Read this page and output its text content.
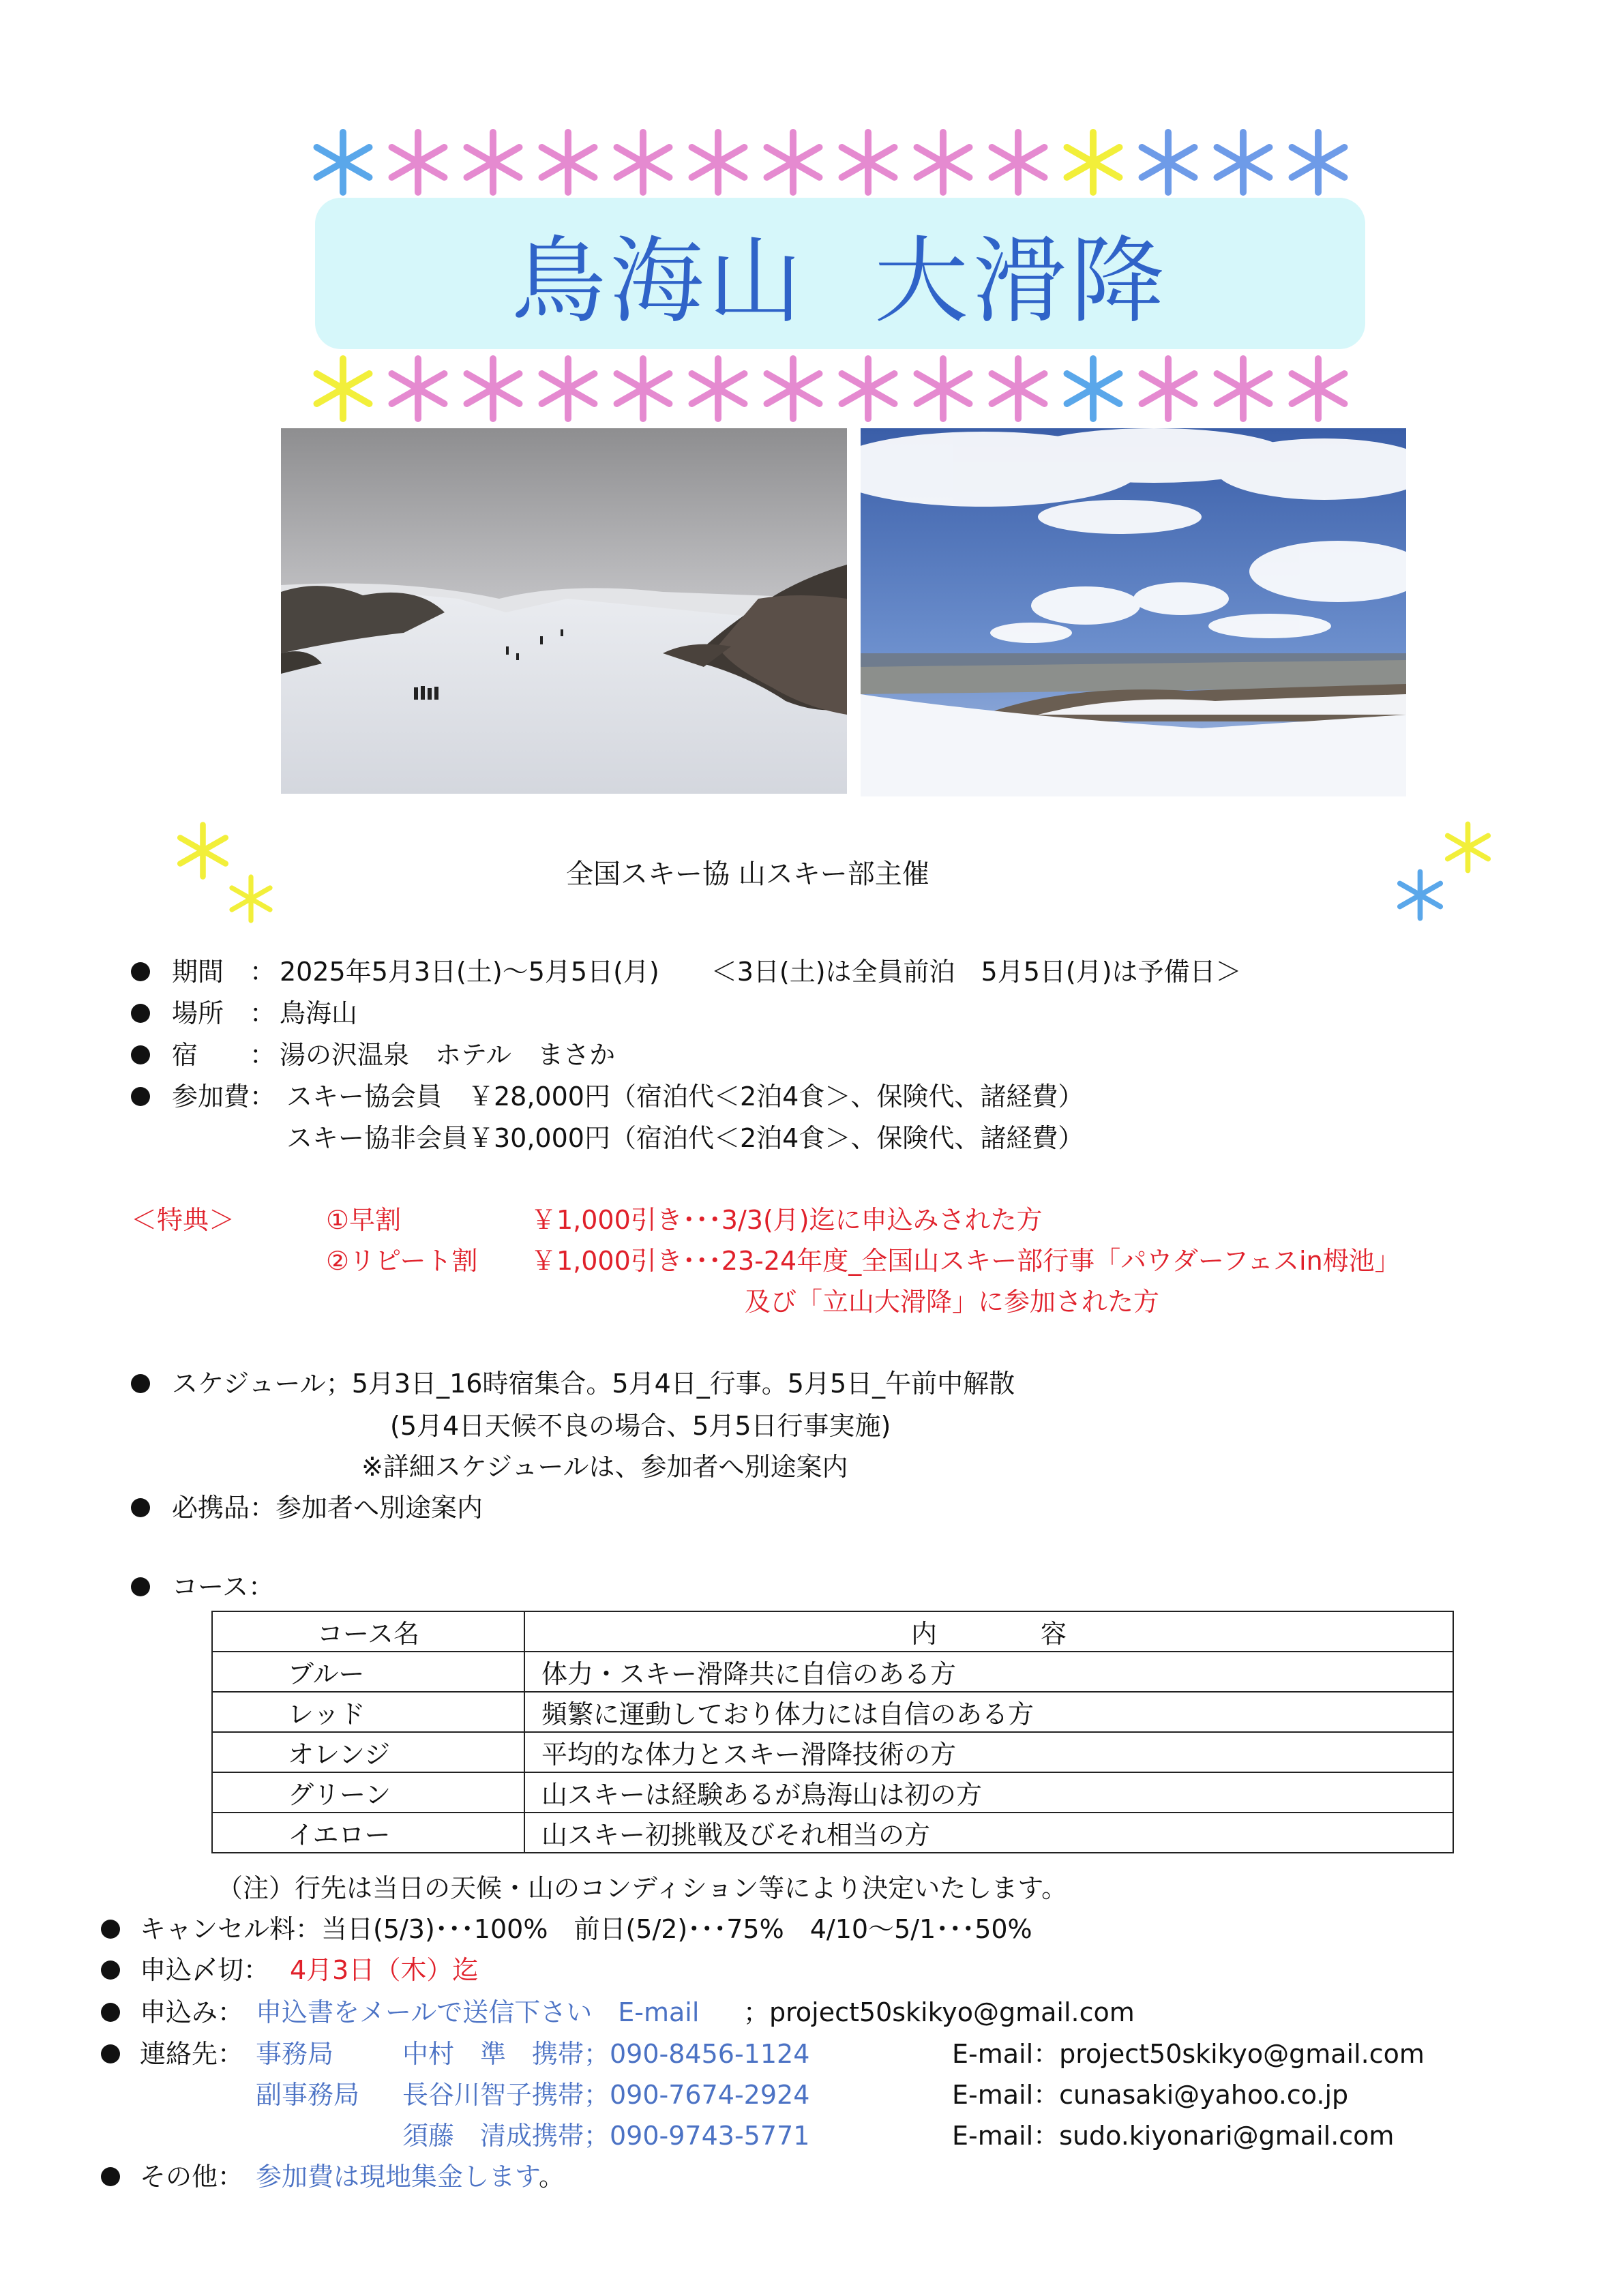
鳥海山  大滑降
全国スキー協 山スキー部主催
期間　： 2025年5月3日(土)〜5月5日(月)　　＜3日(土)は全員前泊　5月5日(月)は予備日＞
場所　： 鳥海山
宿　　： 湯の沢温泉　ホテル　まさか
参加費： スキー協会員　￥28,000円（宿泊代＜2泊4食＞、保険代、諸経費）
スキー協非会員￥30,000円（宿泊代＜2泊4食＞、保険代、諸経費）
＜特典＞	①早割	￥1,000引き･･･3/3(月)迄に申込みされた方
②リピート割 ￥1,000引き･･･23-24年度_全国山スキー部行事「パウダーフェスin栂池」
及び「立山大滑降」に参加された方
スケジュール；5月3日_16時宿集合。5月4日_行事。5月5日_午前中解散
(5月4日天候不良の場合、5月5日行事実施)
※詳細スケジュールは、参加者へ別途案内
必携品：参加者へ別途案内
コース：
コース名	内　　　　容
ブルー	体力・スキー滑降共に自信のある方
レッド	頻繁に運動しており体力には自信のある方
オレンジ	平均的な体力とスキー滑降技術の方
グリーン	山スキーは経験あるが鳥海山は初の方
イエロー	山スキー初挑戦及びそれ相当の方
（注）行先は当日の天候・山のコンディション等により決定いたします。
キャンセル料：当日(5/3)･･･100%　前日(5/2)･･･75%　4/10〜5/1･･･50%
申込〆切： 4月3日（木）迄
申込み： 申込書をメールで送信下さい　E-mail ；project50skikyo@gmail.com
連絡先： 事務局	中村　準 携帯；090-8456-1124	E-mail：project50skikyo@gmail.com
副事務局 長谷川智子 携帯；090-7674-2924	E-mail：cunasaki@yahoo.co.jp
須藤　清成 携帯；090-9743-5771	E-mail：sudo.kiyonari@gmail.com
その他： 参加費は現地集金します。
